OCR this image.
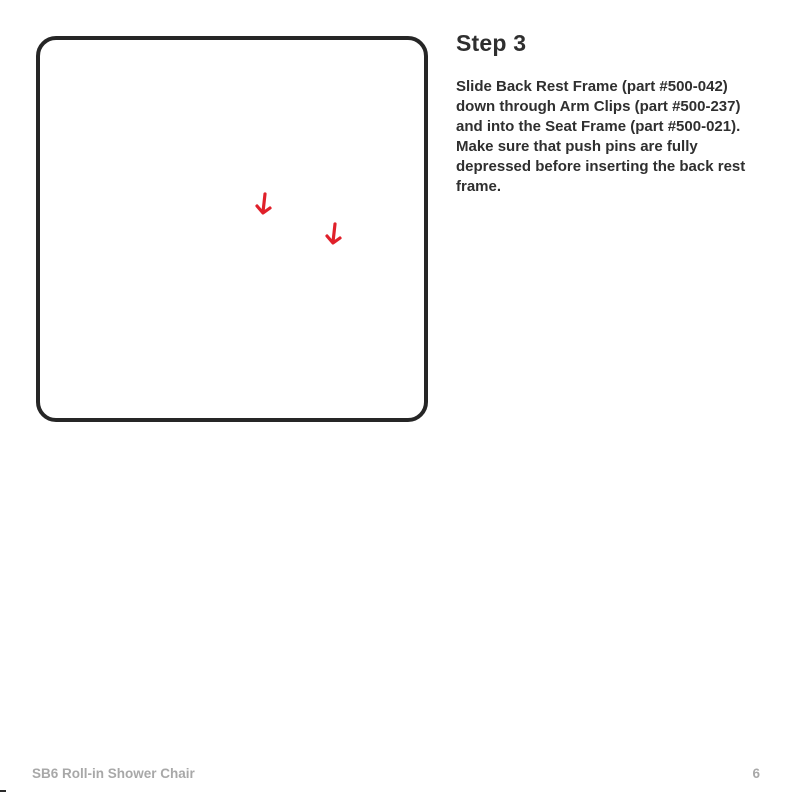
Step 3

Slide Back Rest Frame (part #500-042) down through Arm Clips (part #500-237) and into the Seat Frame (part #500-021). Make sure that push pins are fully depressed before inserting the back rest frame.

SB6 Roll-in Shower Chair	6
